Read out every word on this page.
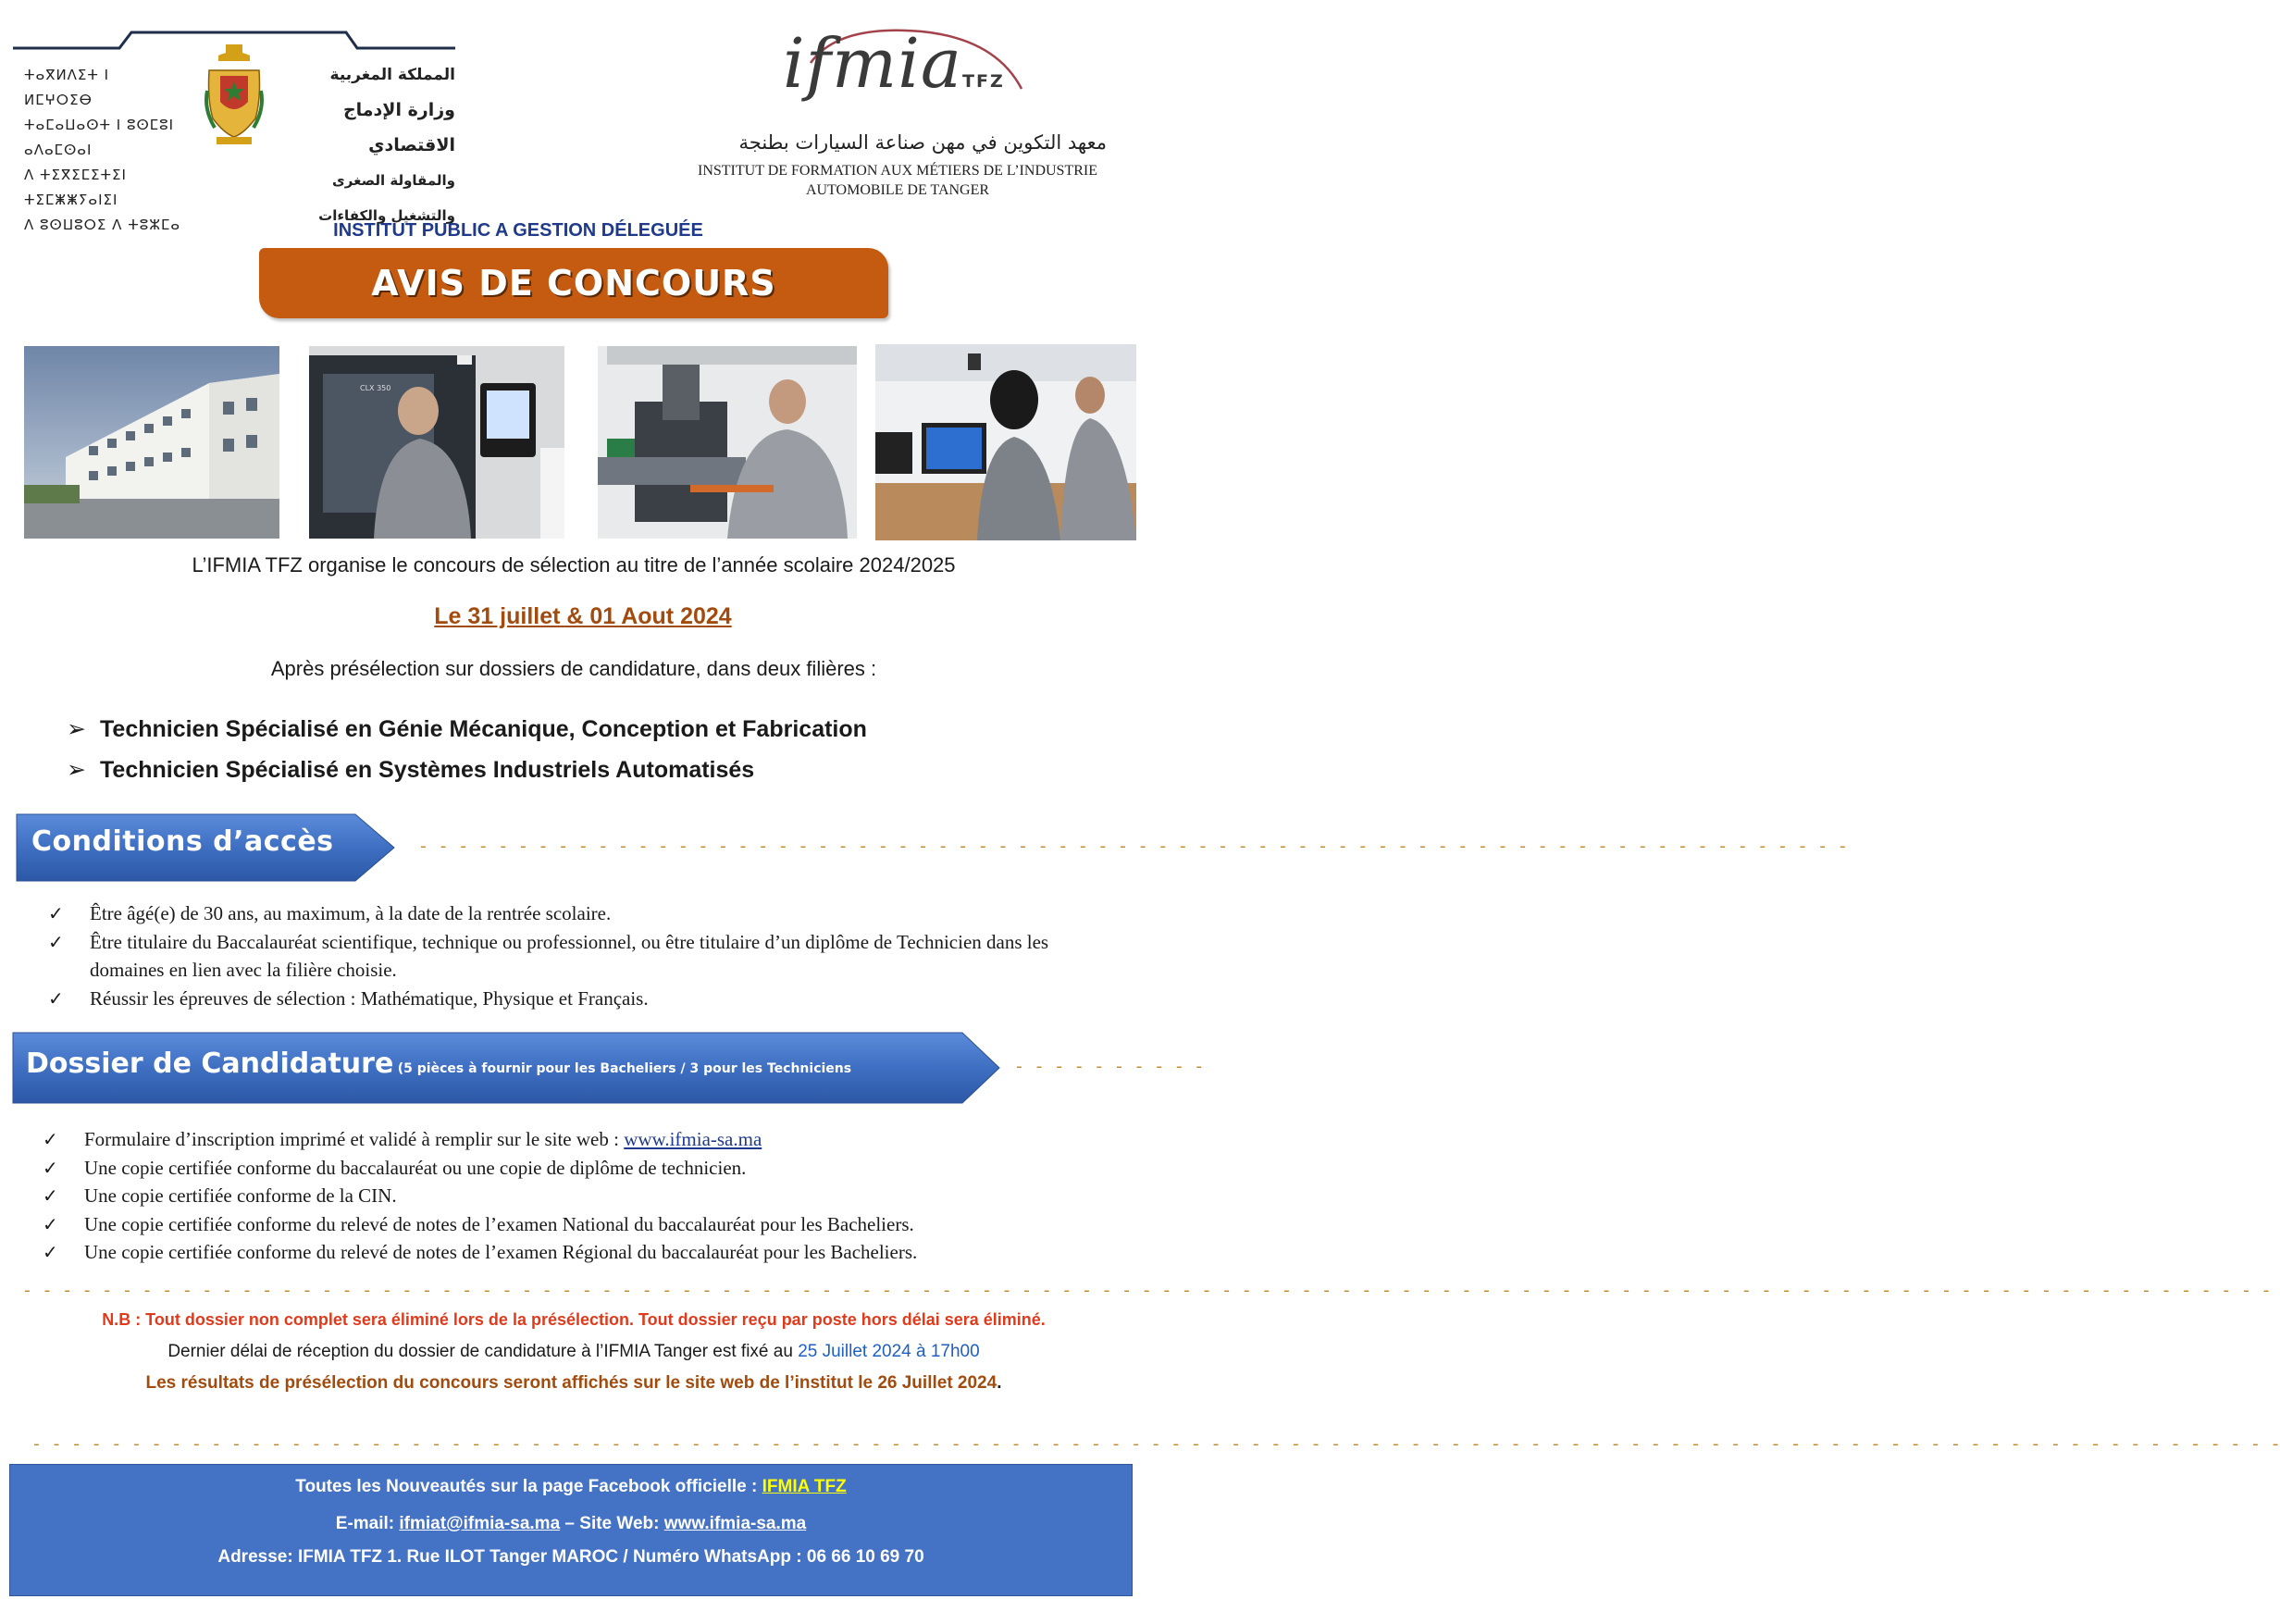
ⵜⴰⴳⵍⴷⵉⵜ ⵏ ⵍⵎⵖⵔⵉⴱ
ⵜⴰⵎⴰⵡⴰⵙⵜ ⵏ ⵓⵙⵎⵓⵏ ⴰⴷⴰⵎⵙⴰⵏ
ⴷ ⵜⵉⴳⵉⵎⵉⵜⵉⵏ ⵜⵉⵎⵥⵥⵢⴰⵏⵉⵏ
ⴷ ⵓⵙⵡⵓⵔⵉ ⴷ ⵜⵓⵣⵎⴰ
المملكة المغربية
وزارة الإدماج الاقتصادي
والمقاولة الصغرى والتشغيل والكفاءات
ifmiaTFZ
معهد التكوين في مهن صناعة السيارات بطنجة
INSTITUT DE FORMATION AUX MÉTIERS DE L’INDUSTRIE
AUTOMOBILE DE TANGER
INSTITUT PUBLIC A GESTION DÉLEGUÉE
AVIS DE CONCOURS
CLX 350
L’IFMIA TFZ organise le concours de sélection au titre de l’année scolaire 2024/2025
Le 31 juillet & 01 Aout 2024
Après présélection sur dossiers de candidature, dans deux filières :
➢ Technicien Spécialisé en Génie Mécanique, Conception et Fabrication
➢ Technicien Spécialisé en Systèmes Industriels Automatisés
Conditions d’accès	- - - - - - - - - - - - - - - - - - - - - - - - - - - - - - - - - - - - - - - - - - - - - - - - - - - - - - - - - - - - - - - - - - - - - - - -
✓ Être âgé(e) de 30 ans, au maximum, à la date de la rentrée scolaire.
✓ Être titulaire du Baccalauréat scientifique, technique ou professionnel, ou être titulaire d’un diplôme de Technicien dans les domaines en lien avec la filière choisie.
✓ Réussir les épreuves de sélection : Mathématique, Physique et Français.
Dossier de Candidature (5 pièces à fournir pour les Bacheliers / 3 pour les Techniciens	- - - - - - - - - -
✓ Formulaire d’inscription imprimé et validé à remplir sur le site web : www.ifmia-sa.ma
✓ Une copie certifiée conforme du baccalauréat ou une copie de diplôme de technicien.
✓ Une copie certifiée conforme de la CIN.
✓ Une copie certifiée conforme du relevé de notes de l’examen National du baccalauréat pour les Bacheliers.
✓ Une copie certifiée conforme du relevé de notes de l’examen Régional du baccalauréat pour les Bacheliers.
- - - - - - - - - - - - - - - - - - - - - - - - - - - - - - - - - - - - - - - - - - - - - - - - - - - - - - - - - - - - - - - - - - - - - - - - - - - - - - - - - - - - - - - - - - - - - - - - - - - - - - - - - - - - - - - - -
N.B : Tout dossier non complet sera éliminé lors de la présélection. Tout dossier reçu par poste hors délai sera éliminé.
Dernier délai de réception du dossier de candidature à l’IFMIA Tanger est fixé au 25 Juillet 2024 à 17h00
Les résultats de présélection du concours seront affichés sur le site web de l’institut le 26 Juillet 2024.
- - - - - - - - - - - - - - - - - - - - - - - - - - - - - - - - - - - - - - - - - - - - - - - - - - - - - - - - - - - - - - - - - - - - - - - - - - - - - - - - - - - - - - - - - - - - - - - - - - - - - - - - - - - - - - - - -
Toutes les Nouveautés sur la page Facebook officielle : IFMIA TFZ
E-mail: ifmiat@ifmia-sa.ma – Site Web: www.ifmia-sa.ma
Adresse: IFMIA TFZ 1. Rue ILOT Tanger MAROC / Numéro WhatsApp : 06 66 10 69 70
